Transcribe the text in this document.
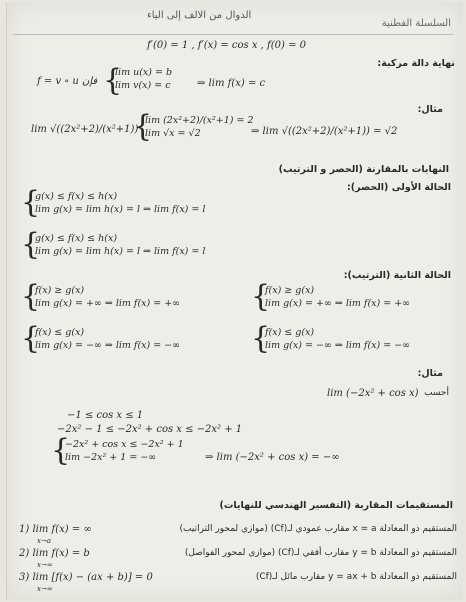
الدوال من الالف إلى الياء
السلسلة الفطنية
f′(0) = 1 , f′(x) = cos x , f(0) = 0
نهاية دالة مركبة:
f = v ∘ u فإن {
lim u(x) = b
lim v(x) = c	⇒ lim f(x) = c
مثال:
lim √((2x²+2)/(x²+1))
{
lim (2x²+2)/(x²+1) = 2
lim √x = √2	⇒ lim √((2x²+2)/(x²+1)) = √2
النهايات بالمقارنة (الحصر و الترتيب)
الحالة الأولى (الحصر):
{
g(x) ≤ f(x) ≤ h(x)
lim g(x) = lim h(x) = l ⇒ lim f(x) = l
{
g(x) ≤ f(x) ≤ h(x)
lim g(x) = lim h(x) = l ⇒ lim f(x) = l
الحالة الثانية (الترتيب):
{
f(x) ≥ g(x)
lim g(x) = +∞ ⇒ lim f(x) = +∞ {
f(x) ≥ g(x)
lim g(x) = +∞ ⇒ lim f(x) = +∞
{
f(x) ≤ g(x)
lim g(x) = −∞ ⇒ lim f(x) = −∞ {
f(x) ≤ g(x)
lim g(x) = −∞ ⇒ lim f(x) = −∞
مثال:
أحسب
lim (−2x² + cos x)
−1 ≤ cos x ≤ 1
−2x² − 1 ≤ −2x² + cos x ≤ −2x² + 1
{
−2x² + cos x ≤ −2x² + 1
lim −2x² + 1 = −∞	⇒ lim (−2x² + cos x) = −∞
المستقيمات المقاربة (التفسير الهندسي للنهايات)
1) lim f(x) = ∞
x→a
المستقيم ذو المعادلة x = a مقارب عمودي لـ(Cf) (موازي لمحور التراتيب)
2) lim f(x) = b
x→∞
المستقيم ذو المعادلة y = b مقارب أفقي لـ(Cf) (موازي لمحور الفواصل)
3) lim [f(x) − (ax + b)] = 0
x→∞
المستقيم ذو المعادلة y = ax + b مقارب مائل لـ(Cf)
